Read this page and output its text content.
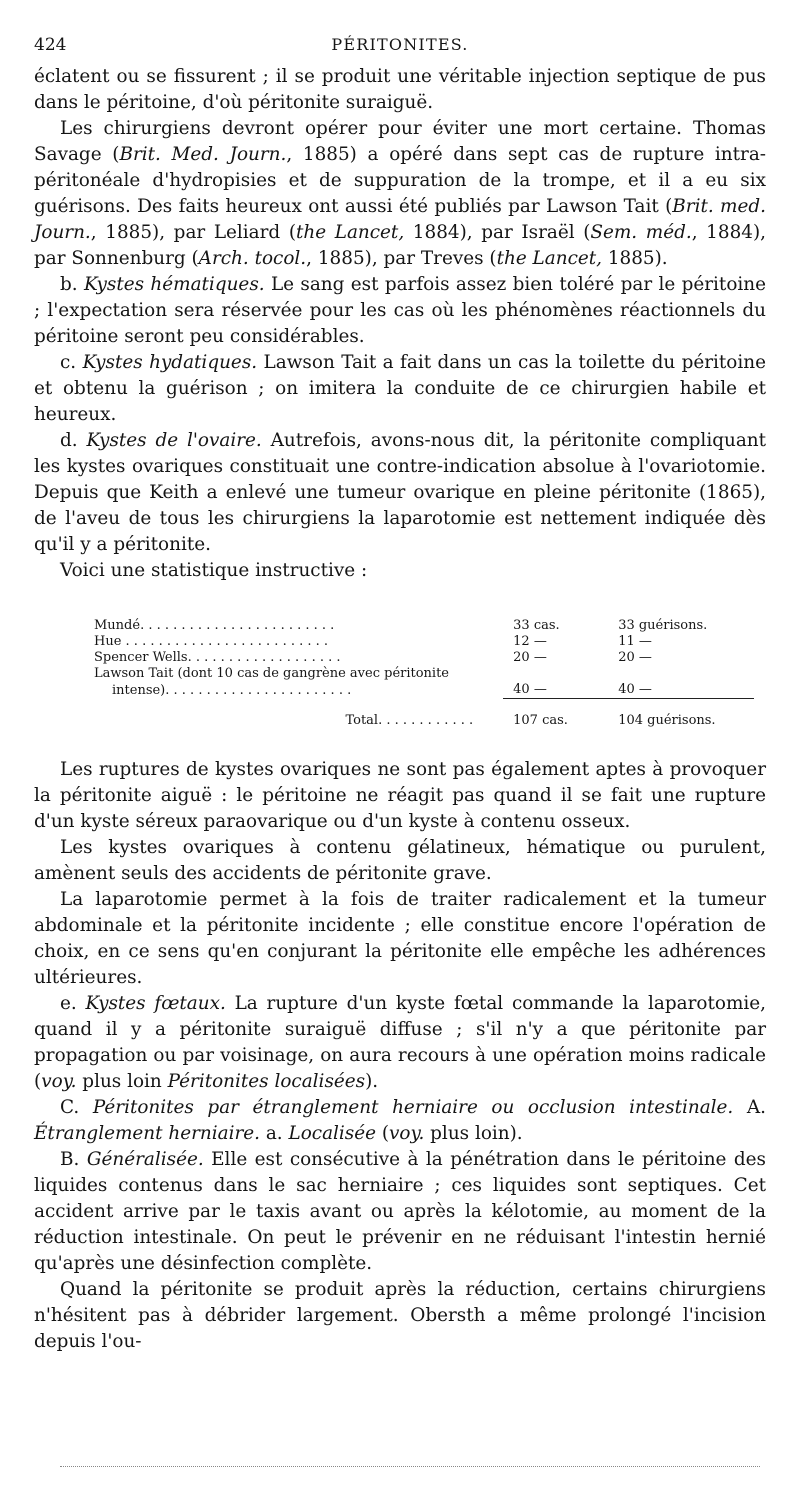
424	PÉRITONITES.

éclatent ou se fissurent ; il se produit une véritable injection septique de pus dans le péritoine, d'où péritonite suraiguë.

Les chirurgiens devront opérer pour éviter une mort certaine. Thomas Savage (Brit. Med. Journ., 1885) a opéré dans sept cas de rupture intra-péritonéale d'hydropisies et de suppuration de la trompe, et il a eu six guérisons. Des faits heureux ont aussi été publiés par Lawson Tait (Brit. med. Journ., 1885), par Leliard (the Lancet, 1884), par Israël (Sem. méd., 1884), par Sonnenburg (Arch. tocol., 1885), par Treves (the Lancet, 1885).

b. Kystes hématiques. Le sang est parfois assez bien toléré par le péritoine ; l'expectation sera réservée pour les cas où les phénomènes réactionnels du péritoine seront peu considérables.

c. Kystes hydatiques. Lawson Tait a fait dans un cas la toilette du péritoine et obtenu la guérison ; on imitera la conduite de ce chirurgien habile et heureux.

d. Kystes de l'ovaire. Autrefois, avons-nous dit, la péritonite compliquant les kystes ovariques constituait une contre-indication absolue à l'ovariotomie. Depuis que Keith a enlevé une tumeur ovarique en pleine péritonite (1865), de l'aveu de tous les chirurgiens la laparotomie est nettement indiquée dès qu'il y a péritonite.

Voici une statistique instructive :

Mundé. . . . . . . . . . . . . . . . . . . . . . . .	33 cas.	33 guérisons.
Hue . . . . . . . . . . . . . . . . . . . . . . . . .	12 —	11 —
Spencer Wells. . . . . . . . . . . . . . . . . . .	20 —	20 —
Lawson Tait (dont 10 cas de gangrène avec péritonite		
intense). . . . . . . . . . . . . . . . . . . . . . .	40 —	40 —
Total. . . . . . . . . . . .	107 cas.	104 guérisons.

Les ruptures de kystes ovariques ne sont pas également aptes à provoquer la péritonite aiguë : le péritoine ne réagit pas quand il se fait une rupture d'un kyste séreux paraovarique ou d'un kyste à contenu osseux.

Les kystes ovariques à contenu gélatineux, hématique ou purulent, amènent seuls des accidents de péritonite grave.

La laparotomie permet à la fois de traiter radicalement et la tumeur abdominale et la péritonite incidente ; elle constitue encore l'opération de choix, en ce sens qu'en conjurant la péritonite elle empêche les adhérences ultérieures.

e. Kystes fœtaux. La rupture d'un kyste fœtal commande la laparotomie, quand il y a péritonite suraiguë diffuse ; s'il n'y a que péritonite par propagation ou par voisinage, on aura recours à une opération moins radicale (voy. plus loin Péritonites localisées).

C. Péritonites par étranglement herniaire ou occlusion intestinale. A. Étranglement herniaire. a. Localisée (voy. plus loin).

B. Généralisée. Elle est consécutive à la pénétration dans le péritoine des liquides contenus dans le sac herniaire ; ces liquides sont septiques. Cet accident arrive par le taxis avant ou après la kélotomie, au moment de la réduction intestinale. On peut le prévenir en ne réduisant l'intestin hernié qu'après une désinfection complète.

Quand la péritonite se produit après la réduction, certains chirurgiens n'hésitent pas à débrider largement. Obersth a même prolongé l'incision depuis l'ou-
